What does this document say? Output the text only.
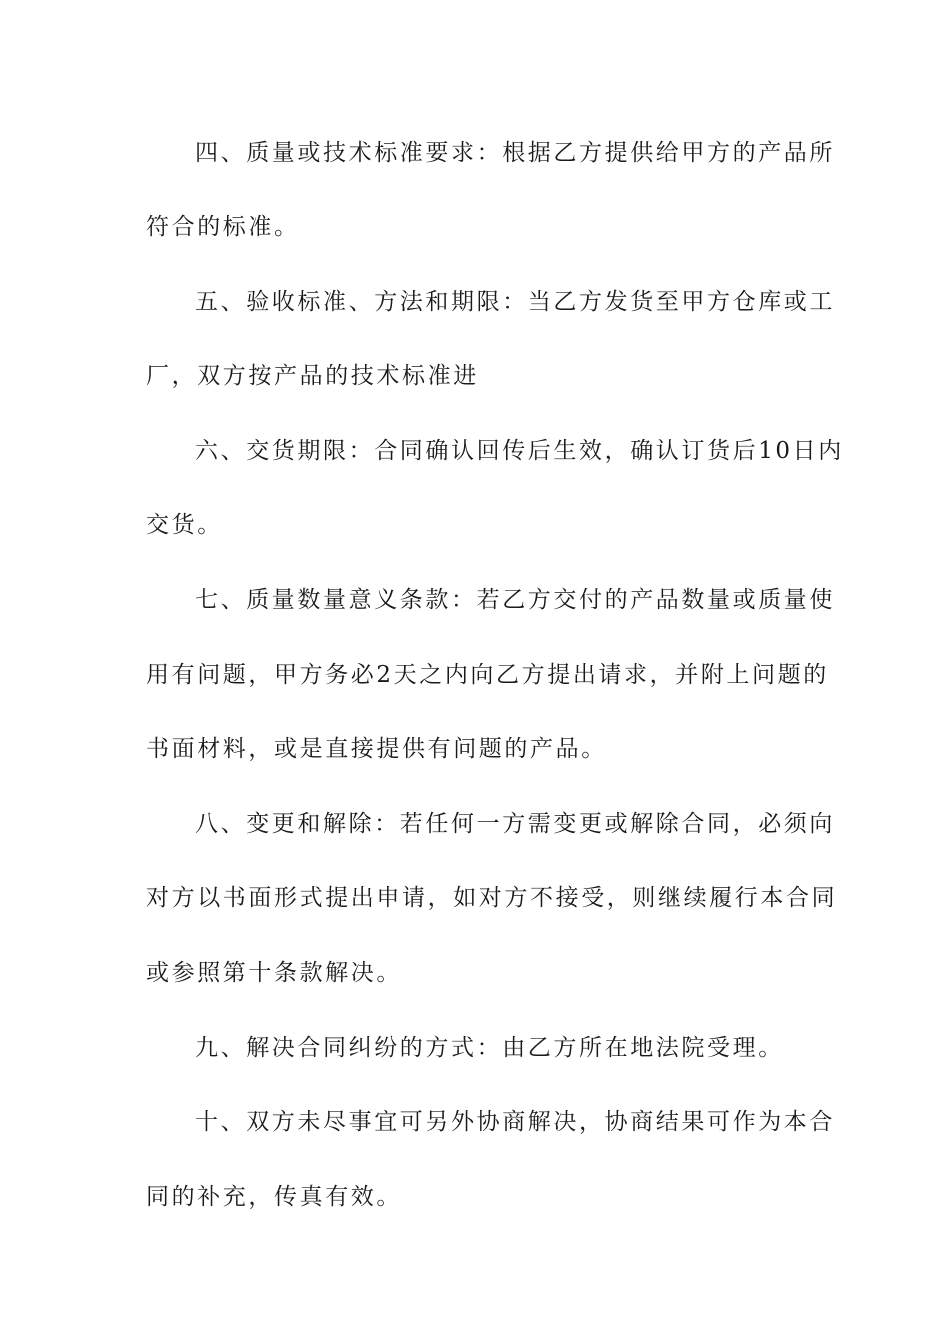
四、质量或技术标准要求：根据乙方提供给甲方的产品所
符合的标准。
五、验收标准、方法和期限：当乙方发货至甲方仓库或工
厂，双方按产品的技术标准进
六、交货期限：合同确认回传后生效，确认订货后10日内
交货。
七、质量数量意义条款：若乙方交付的产品数量或质量使
用有问题，甲方务必2天之内向乙方提出请求，并附上问题的
书面材料，或是直接提供有问题的产品。
八、变更和解除：若任何一方需变更或解除合同，必须向
对方以书面形式提出申请，如对方不接受，则继续履行本合同
或参照第十条款解决。
九、解决合同纠纷的方式：由乙方所在地法院受理。
十、双方未尽事宜可另外协商解决，协商结果可作为本合
同的补充，传真有效。
